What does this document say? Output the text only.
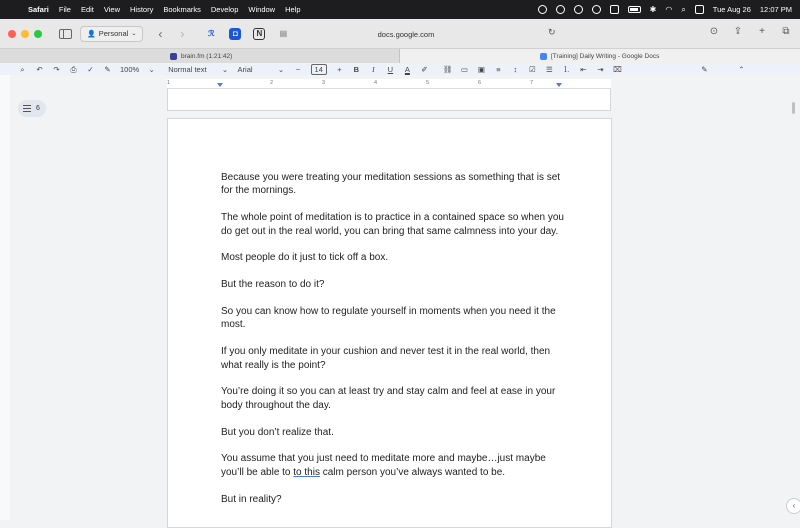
Safari File Edit View History Bookmarks Develop Window Help	✱ ◠ ⌕	Tue Aug 26 12:07 PM
👤 Personal ⌄ ‹ ›	ℛ	◘	N	▤	docs.google.com	↻	⊙ ⇪	+	⧉
brain.fm (1:21:42)	[Training] Daily Writing - Google Docs
⌕	↶ ↷ ⎙ ✓ ✎ 100% ⌄ Normal text ⌄ Arial	⌄	−	14	+	B	I	U A ✐ ⛓ ▭ ▣	≡	↕	☑ ☰ ⒈ ⇤ ⇥ ⌧	✎	⌃
6
1	2	3	4	5	6	7

Because you were treating your meditation sessions as something that is set for the mornings.

The whole point of meditation is to practice in a contained space so when you do get out in the real world, you can bring that same calmness into your day.

Most people do it just to tick off a box.

But the reason to do it?

So you can know how to regulate yourself in moments when you need it the most.

If you only meditate in your cushion and never test it in the real world, then what really is the point?

You’re doing it so you can at least try and stay calm and feel at ease in your body throughout the day.

But you don’t realize that.

You assume that you just need to meditate more and maybe…just maybe you’ll be able to to this calm person you’ve always wanted to be.

But in reality?

‹
